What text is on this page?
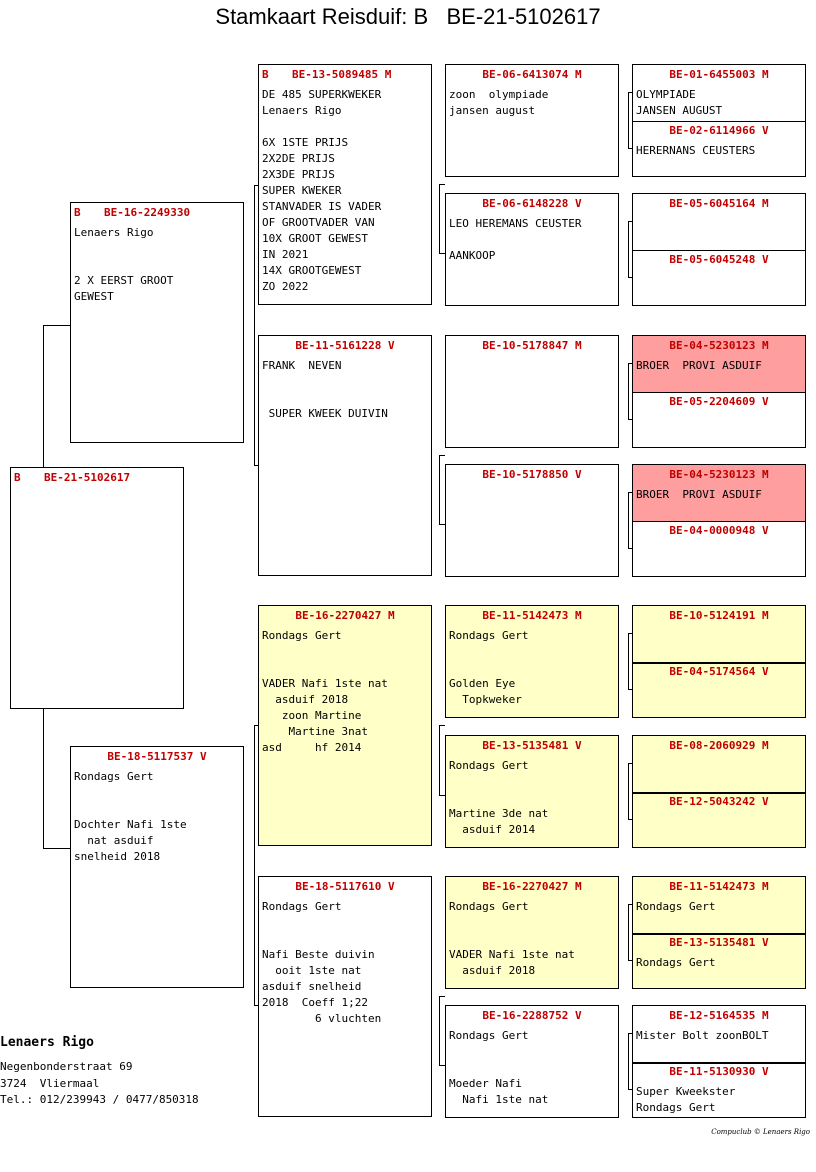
Stamkaart Reisduif: B   BE-21-5102617
B BE-21-5102617
B BE-16-2249330
Lenaers Rigo
2 X EERST GROOT
GEWEST
BE-18-5117537 V
Rondags Gert
Dochter Nafi 1ste
nat asduif
snelheid 2018
B BE-13-5089485 M
DE 485 SUPERKWEKER
Lenaers Rigo
6X 1STE PRIJS
2X2DE PRIJS
2X3DE PRIJS
SUPER KWEKER
STANVADER IS VADER
OF GROOTVADER VAN
10X GROOT GEWEST
IN 2021
14X GROOTGEWEST
ZO 2022
BE-11-5161228 V
FRANK  NEVEN
SUPER KWEEK DUIVIN
BE-16-2270427 M
Rondags Gert
VADER Nafi 1ste nat
asduif 2018
zoon Martine
Martine 3nat
asd     hf 2014
BE-18-5117610 V
Rondags Gert
Nafi Beste duivin
ooit 1ste nat
asduif snelheid
2018  Coeff 1;22
6 vluchten
BE-06-6413074 M
zoon  olympiade
jansen august
BE-06-6148228 V
LEO HEREMANS CEUSTER
AANKOOP
BE-10-5178847 M
BE-10-5178850 V
BE-11-5142473 M
Rondags Gert
Golden Eye
Topkweker
BE-13-5135481 V
Rondags Gert
Martine 3de nat
asduif 2014
BE-16-2270427 M
Rondags Gert
VADER Nafi 1ste nat
asduif 2018
BE-16-2288752 V
Rondags Gert
Moeder Nafi
Nafi 1ste nat
BE-01-6455003 M
OLYMPIADE
JANSEN AUGUST
BE-02-6114966 V
HERERNANS CEUSTERS
BE-05-6045164 M
BE-05-6045248 V
BE-04-5230123 M
BROER  PROVI ASDUIF
BE-05-2204609 V
BE-04-5230123 M
BROER  PROVI ASDUIF
BE-04-0000948 V
BE-10-5124191 M
BE-04-5174564 V
BE-08-2060929 M
BE-12-5043242 V
BE-11-5142473 M
Rondags Gert
BE-13-5135481 V
Rondags Gert
BE-12-5164535 M
Mister Bolt zoonBOLT
BE-11-5130930 V
Super Kweekster
Rondags Gert
Lenaers Rigo
Negenbonderstraat 69
3724  Vliermaal
Tel.: 012/239943 / 0477/850318
Compuclub © Lenaers Rigo
